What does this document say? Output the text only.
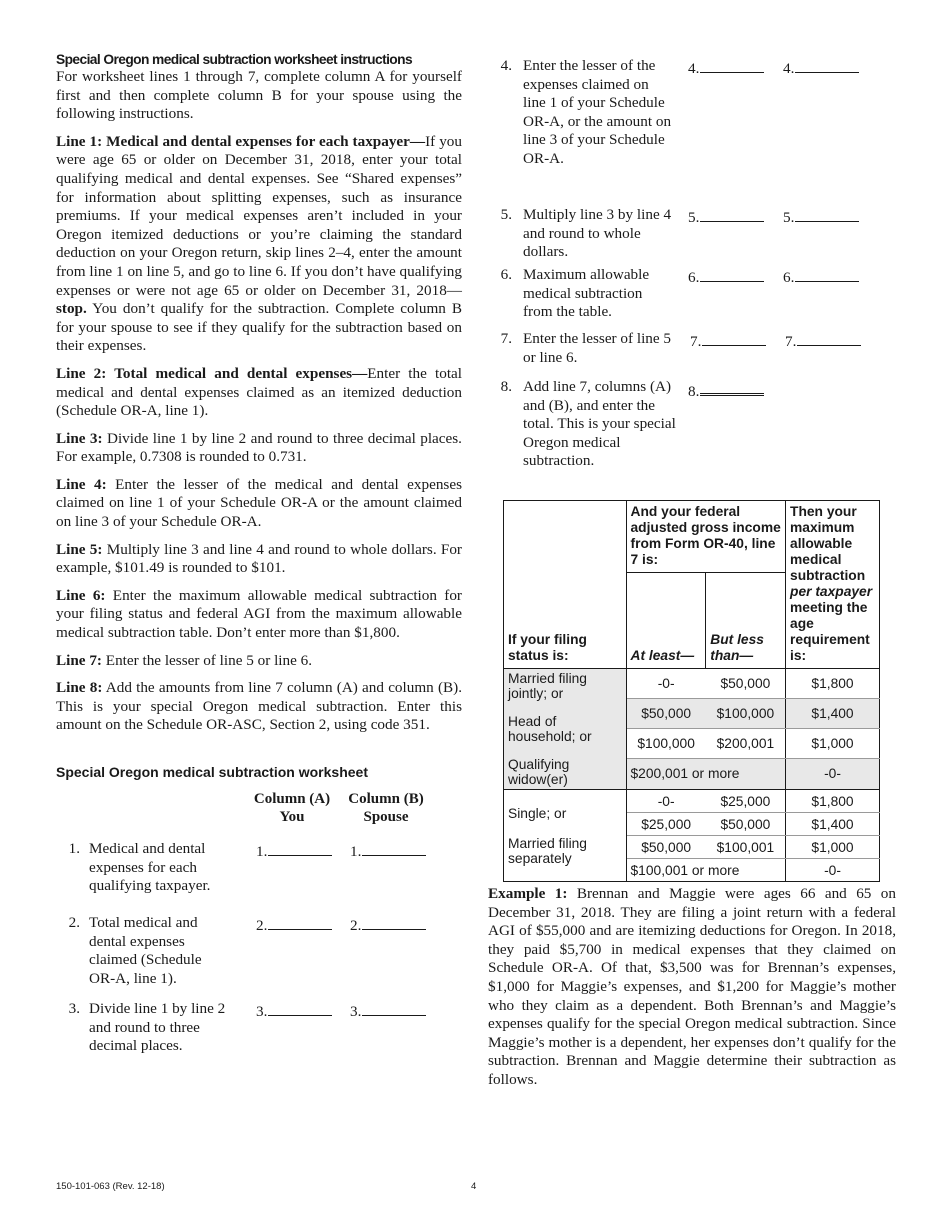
Special Oregon medical subtraction worksheet instructions

For worksheet lines 1 through 7, complete column A for yourself first and then complete column B for your spouse using the following instructions.

Line 1: Medical and dental expenses for each taxpayer—If you were age 65 or older on December 31, 2018, enter your total qualifying medical and dental expenses. See “Shared expenses” for information about splitting expenses, such as insurance premiums. If your medical expenses aren’t included in your Oregon itemized deductions or you’re claiming the standard deduction on your Oregon return, skip lines 2–4, enter the amount from line 1 on line 5, and go to line 6. If you don’t have qualifying expenses or were not age 65 or older on December 31, 2018—stop. You don’t qualify for the subtraction. Complete column B for your spouse to see if they qualify for the subtraction based on their expenses.

Line 2: Total medical and dental expenses—Enter the total medical and dental expenses claimed as an itemized deduction (Schedule OR-A, line 1).

Line 3: Divide line 1 by line 2 and round to three decimal places. For example, 0.7308 is rounded to 0.731.

Line 4: Enter the lesser of the medical and dental expenses claimed on line 1 of your Schedule OR-A or the amount claimed on line 3 of your Schedule OR-A.

Line 5: Multiply line 3 and line 4 and round to whole dollars. For example, $101.49 is rounded to $101.

Line 6: Enter the maximum allowable medical subtraction for your filing status and federal AGI from the maximum allowable medical subtraction table. Don’t enter more than $1,800.

Line 7: Enter the lesser of line 5 or line 6.

Line 8: Add the amounts from line 7 column (A) and column (B). This is your special Oregon medical subtraction. Enter this amount on the Schedule OR-ASC, Section 2, using code 351.

Special Oregon medical subtraction worksheet
Column (A)
You
Column (B)
Spouse
1. Medical and dental expenses for each qualifying taxpayer.
1.	1.
2. Total medical and dental expenses claimed (Schedule OR-A, line 1).
2.	2.
3. Divide line 1 by line 2 and round to three decimal places.
3.	3.
4. Enter the lesser of the expenses claimed on line 1 of your Schedule OR-A, or the amount on line 3 of your Schedule OR-A.
4.	4.
5. Multiply line 3 by line 4 and round to whole dollars.
5.	5.
6. Maximum allowable medical subtraction from the table.
6.	6.
7. Enter the lesser of line 5 or line 6.
7.	7.
8. Add line 7, columns (A) and (B), and enter the total. This is your special Oregon medical subtraction.
8.
If your filing status is:	And your federal adjusted gross income from Form OR-40, line 7 is:		Then your maximum allowable medical subtraction per taxpayer meeting the age requirement is:
	At least—	But less than—	

Married filing jointly; or
Head of household; or
Qualifying widow(er)	-0-	$50,000	$1,800
	$50,000	$100,000	$1,400
	$100,000	$200,001	$1,000
	$200,001 or more		-0-

Single; or
Married filing separately	-0-	$25,000	$1,800
	$25,000	$50,000	$1,400
	$50,000	$100,001	$1,000
	$100,001 or more		-0-

Example 1: Brennan and Maggie were ages 66 and 65 on December 31, 2018. They are filing a joint return with a federal AGI of $55,000 and are itemizing deductions for Oregon. In 2018, they paid $5,700 in medical expenses that they claimed on Schedule OR-A. Of that, $3,500 was for Brennan’s expenses, $1,000 for Maggie’s expenses, and $1,200 for Maggie’s mother who they claim as a dependent. Both Brennan’s and Maggie’s expenses qualify for the special Oregon medical subtraction. Since Maggie’s mother is a dependent, her expenses don’t qualify for the subtraction. Brennan and Maggie determine their subtraction as follows.

150-101-063 (Rev. 12-18)	4
